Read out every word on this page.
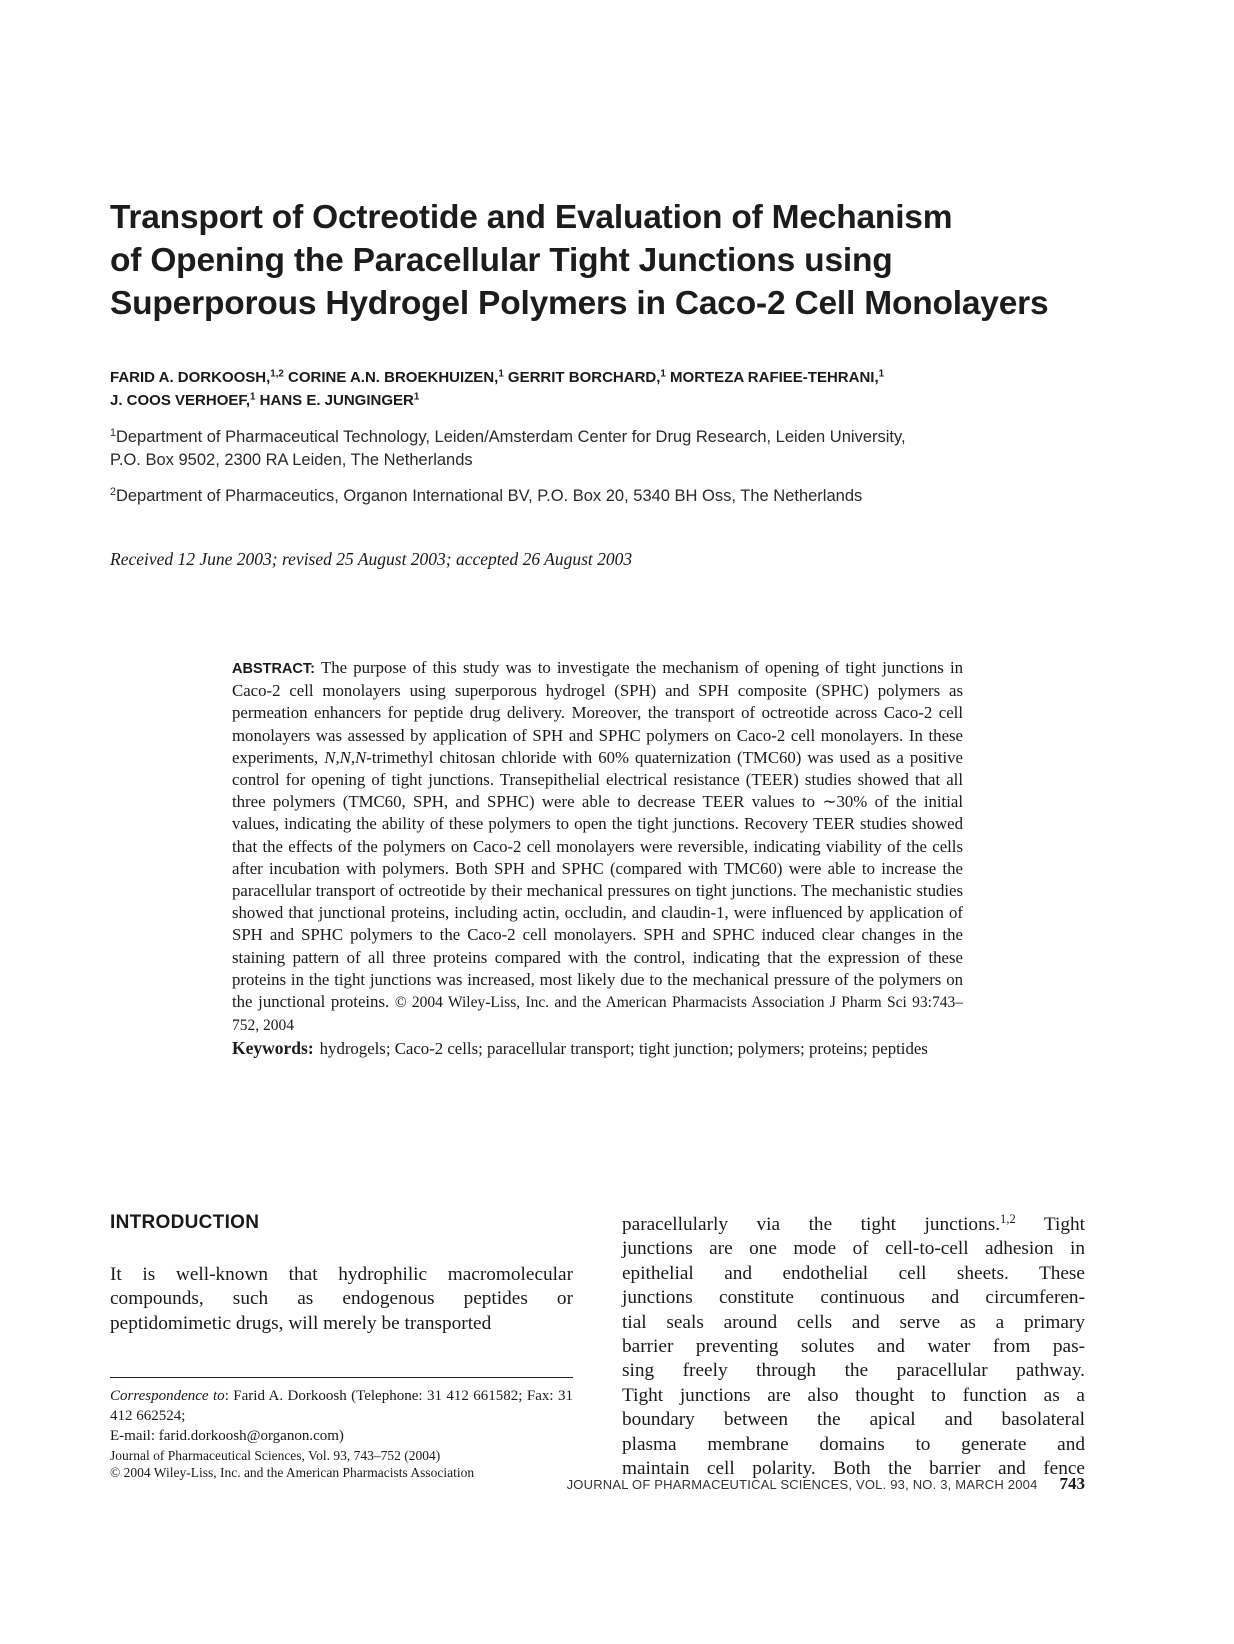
Transport of Octreotide and Evaluation of Mechanism
of Opening the Paracellular Tight Junctions using
Superporous Hydrogel Polymers in Caco-2 Cell Monolayers
FARID A. DORKOOSH,$^{1,2}$ CORINE A.N. BROEKHUIZEN,$^1$ GERRIT BORCHARD,$^1$ MORTEZA RAFIEE-TEHRANI,$^1$
J. COOS VERHOEF,$^1$ HANS E. JUNGINGER$^1$
$^1$Department of Pharmaceutical Technology, Leiden/Amsterdam Center for Drug Research, Leiden University,
P.O. Box 9502, 2300 RA Leiden, The Netherlands
$^2$Department of Pharmaceutics, Organon International BV, P.O. Box 20, 5340 BH Oss, The Netherlands
Received 12 June 2003; revised 25 August 2003; accepted 26 August 2003
ABSTRACT: The purpose of this study was to investigate the mechanism of opening of tight junctions in Caco-2 cell monolayers using superporous hydrogel (SPH) and SPH composite (SPHC) polymers as permeation enhancers for peptide drug delivery. Moreover, the transport of octreotide across Caco-2 cell monolayers was assessed by application of SPH and SPHC polymers on Caco-2 cell monolayers. In these experiments, N,N,N-trimethyl chitosan chloride with 60% quaternization (TMC60) was used as a positive control for opening of tight junctions. Transepithelial electrical resistance (TEER) studies showed that all three polymers (TMC60, SPH, and SPHC) were able to decrease TEER values to ∼30% of the initial values, indicating the ability of these polymers to open the tight junctions. Recovery TEER studies showed that the effects of the polymers on Caco-2 cell monolayers were reversible, indicating viability of the cells after incubation with polymers. Both SPH and SPHC (compared with TMC60) were able to increase the paracellular transport of octreotide by their mechanical pressures on tight junctions. The mechanistic studies showed that junctional proteins, including actin, occludin, and claudin-1, were influenced by application of SPH and SPHC polymers to the Caco-2 cell monolayers. SPH and SPHC induced clear changes in the staining pattern of all three proteins compared with the control, indicating that the expression of these proteins in the tight junctions was increased, most likely due to the mechanical pressure of the polymers on the junctional proteins. © 2004 Wiley-Liss, Inc. and the American Pharmacists Association J Pharm Sci 93:743–752, 2004
Keywords: hydrogels; Caco-2 cells; paracellular transport; tight junction; polymers; proteins; peptides
INTRODUCTION
It is well-known that hydrophilic macromolecular compounds, such as endogenous peptides or peptidomimetic drugs, will merely be transported
Correspondence to: Farid A. Dorkoosh (Telephone: 31 412 661582; Fax: 31 412 662524;
E-mail: farid.dorkoosh@organon.com)
Journal of Pharmaceutical Sciences, Vol. 93, 743–752 (2004)
© 2004 Wiley-Liss, Inc. and the American Pharmacists Association
paracellularly via the tight junctions.$^{1,2}$ Tight
junctions are one mode of cell-to-cell adhesion in
epithelial and endothelial cell sheets. These
junctions constitute continuous and circumferen-
tial seals around cells and serve as a primary
barrier preventing solutes and water from pas-
sing freely through the paracellular pathway.
Tight junctions are also thought to function as a
boundary between the apical and basolateral
plasma membrane domains to generate and
maintain cell polarity. Both the barrier and fence
JOURNAL OF PHARMACEUTICAL SCIENCES, VOL. 93, NO. 3, MARCH 2004 743
